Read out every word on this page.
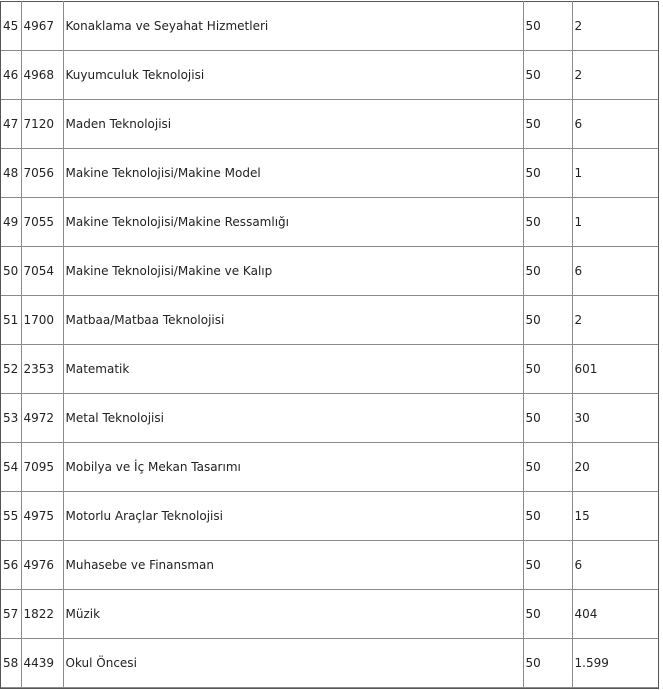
45	4967	Konaklama ve Seyahat Hizmetleri	50	2
46	4968	Kuyumculuk Teknolojisi	50	2
47	7120	Maden Teknolojisi	50	6
48	7056	Makine Teknolojisi/Makine Model	50	1
49	7055	Makine Teknolojisi/Makine Ressamlığı	50	1
50	7054	Makine Teknolojisi/Makine ve Kalıp	50	6
51	1700	Matbaa/Matbaa Teknolojisi	50	2
52	2353	Matematik	50	601
53	4972	Metal Teknolojisi	50	30
54	7095	Mobilya ve İç Mekan Tasarımı	50	20
55	4975	Motorlu Araçlar Teknolojisi	50	15
56	4976	Muhasebe ve Finansman	50	6
57	1822	Müzik	50	404
58	4439	Okul Öncesi	50	1.599
